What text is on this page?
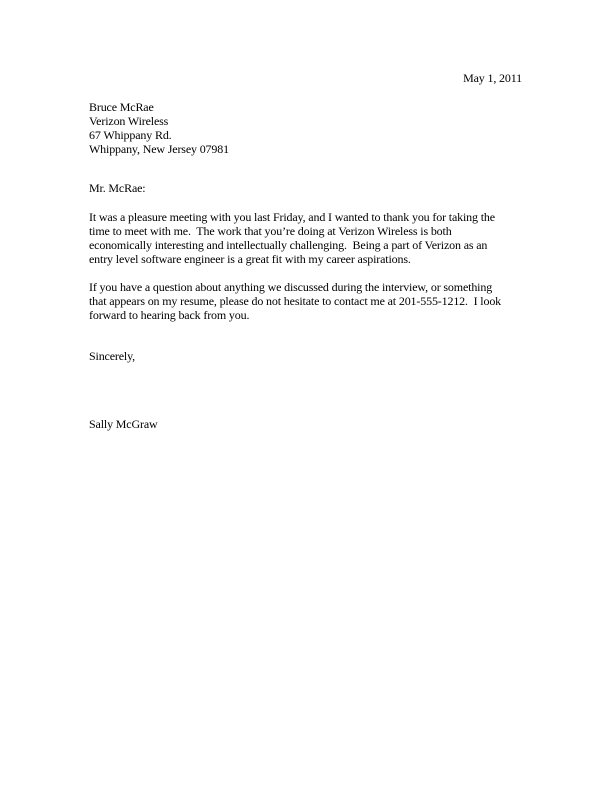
May 1, 2011
Bruce McRae
Verizon Wireless
67 Whippany Rd.
Whippany, New Jersey 07981
Mr. McRae:
It was a pleasure meeting with you last Friday, and I wanted to thank you for taking the
time to meet with me.  The work that you’re doing at Verizon Wireless is both
economically interesting and intellectually challenging.  Being a part of Verizon as an
entry level software engineer is a great fit with my career aspirations.
If you have a question about anything we discussed during the interview, or something
that appears on my resume, please do not hesitate to contact me at 201-555-1212.  I look
forward to hearing back from you.
Sincerely,
Sally McGraw
